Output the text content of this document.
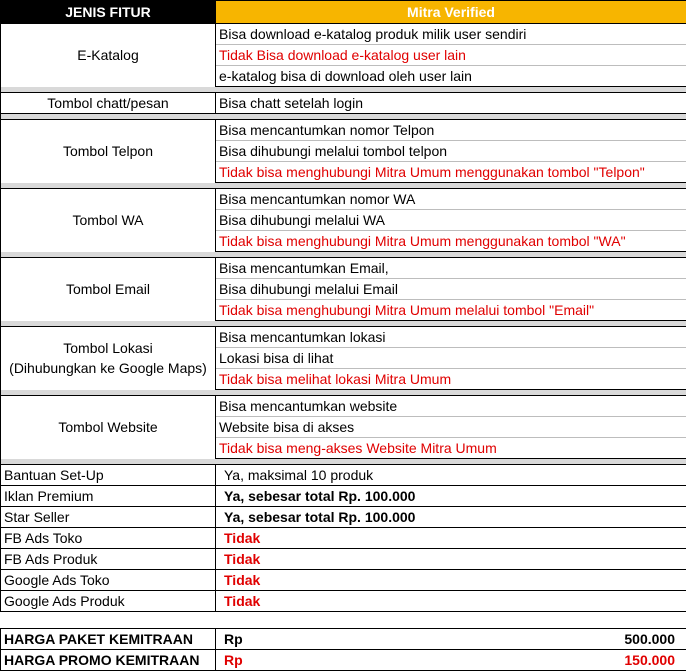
JENIS FITUR	Mitra Verified

E-Katalog	Bisa download e-katalog produk milik user sendiri
	Tidak Bisa download e-katalog user lain
	e-katalog bisa di download oleh user lain

Tombol chatt/pesan	Bisa chatt setelah login

Tombol Telpon	Bisa mencantumkan nomor Telpon
	Bisa dihubungi melalui tombol telpon
	Tidak bisa menghubungi Mitra Umum menggunakan tombol "Telpon"

Tombol WA	Bisa mencantumkan nomor WA
	Bisa dihubungi melalui WA
	Tidak bisa menghubungi Mitra Umum menggunakan tombol "WA"

Tombol Email	Bisa mencantumkan Email,
	Bisa dihubungi melalui Email
	Tidak bisa menghubungi Mitra Umum melalui tombol "Email"

Tombol Lokasi
(Dihubungkan ke Google Maps)	Bisa mencantumkan lokasi
	Lokasi bisa di lihat
	Tidak bisa melihat lokasi Mitra Umum

Tombol Website	Bisa mencantumkan website
	Website bisa di akses
	Tidak bisa meng-akses Website Mitra Umum

Bantuan Set-Up	Ya, maksimal 10 produk
Iklan Premium	Ya, sebesar total Rp. 100.000
Star Seller	Ya, sebesar total Rp. 100.000
FB Ads Toko	Tidak
FB Ads Produk	Tidak
Google Ads Toko	Tidak
Google Ads Produk	Tidak

HARGA PAKET KEMITRAAN	Rp 500.000

HARGA PROMO KEMITRAAN	Rp 150.000
